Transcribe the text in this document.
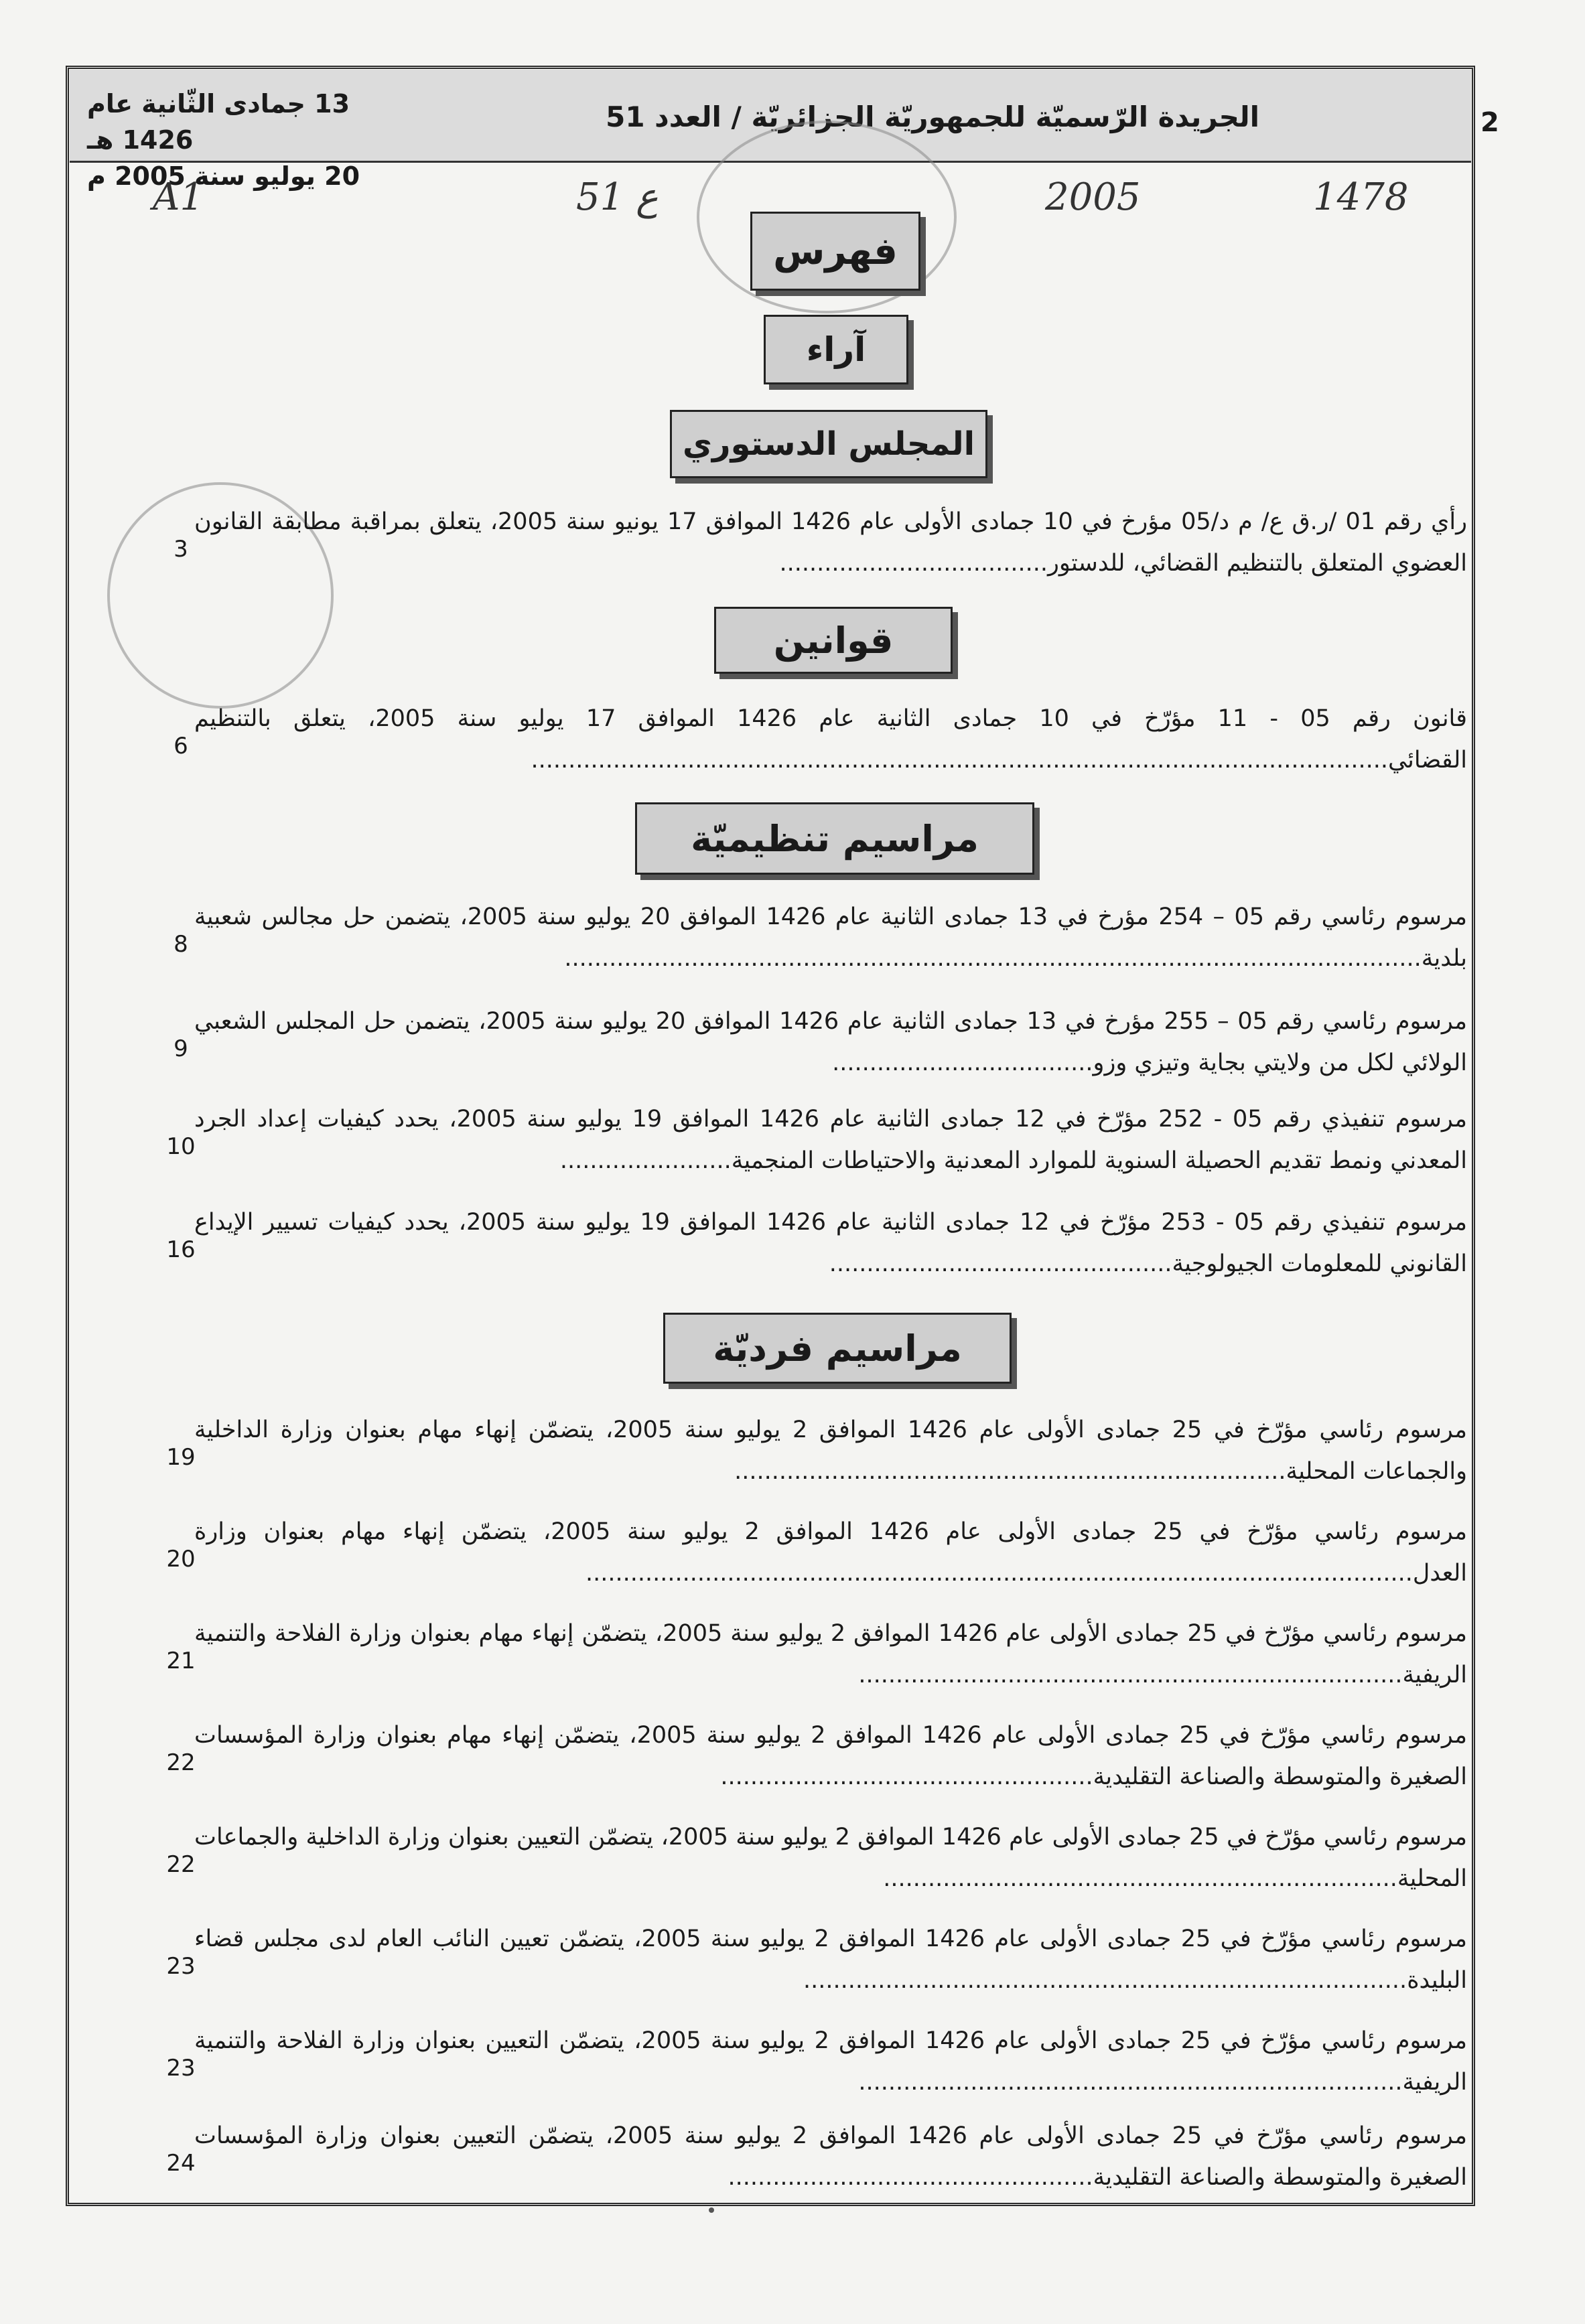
2
الجريدة الرّسميّة للجمهوريّة الجزائريّة / العدد 51
13 جمادى الثّانية عام 1426 هـ
20 يوليو سنة 2005 م
A1	51 ع	2005	1478
فهرس
آراء
المجلس الدستوري
رأي رقم 01 /ر.ق ع/ م د/05 مؤرخ في 10 جمادى الأولى عام 1426 الموافق 17 يونيو سنة 2005، يتعلق بمراقبة مطابقة القانون العضوي المتعلق بالتنظيم القضائي، للدستور....................................
3
قوانين
قانون رقم 05 - 11 مؤرّخ في 10 جمادى الثانية عام 1426 الموافق 17 يوليو سنة 2005، يتعلق بالتنظيم القضائي...................................................................................................................
6
مراسيم تنظيميّة
مرسوم رئاسي رقم 05 – 254 مؤرخ في 13 جمادى الثانية عام 1426 الموافق 20 يوليو سنة 2005، يتضمن حل مجالس شعبية بلدية...................................................................................................................
8
مرسوم رئاسي رقم 05 – 255 مؤرخ في 13 جمادى الثانية عام 1426 الموافق 20 يوليو سنة 2005، يتضمن حل المجلس الشعبي الولائي لكل من ولايتي بجاية وتيزي وزو...................................
9
مرسوم تنفيذي رقم 05 - 252 مؤرّخ في 12 جمادى الثانية عام 1426 الموافق 19 يوليو سنة 2005، يحدد كيفيات إعداد الجرد المعدني ونمط تقديم الحصيلة السنوية للموارد المعدنية والاحتياطات المنجمية.......................
10
مرسوم تنفيذي رقم 05 - 253 مؤرّخ في 12 جمادى الثانية عام 1426 الموافق 19 يوليو سنة 2005، يحدد كيفيات تسيير الإيداع القانوني للمعلومات الجيولوجية..............................................
16
مراسيم فرديّة
مرسوم رئاسي مؤرّخ في 25 جمادى الأولى عام 1426 الموافق 2 يوليو سنة 2005، يتضمّن إنهاء مهام بعنوان وزارة الداخلية والجماعات المحلية..........................................................................
19
مرسوم رئاسي مؤرّخ في 25 جمادى الأولى عام 1426 الموافق 2 يوليو سنة 2005، يتضمّن إنهاء مهام بعنوان وزارة العدل...............................................................................................................
20
مرسوم رئاسي مؤرّخ في 25 جمادى الأولى عام 1426 الموافق 2 يوليو سنة 2005، يتضمّن إنهاء مهام بعنوان وزارة الفلاحة والتنمية الريفية.........................................................................
21
مرسوم رئاسي مؤرّخ في 25 جمادى الأولى عام 1426 الموافق 2 يوليو سنة 2005، يتضمّن إنهاء مهام بعنوان وزارة المؤسسات الصغيرة والمتوسطة والصناعة التقليدية..................................................
22
مرسوم رئاسي مؤرّخ في 25 جمادى الأولى عام 1426 الموافق 2 يوليو سنة 2005، يتضمّن التعيين بعنوان وزارة الداخلية والجماعات المحلية.....................................................................
22
مرسوم رئاسي مؤرّخ في 25 جمادى الأولى عام 1426 الموافق 2 يوليو سنة 2005، يتضمّن تعيين النائب العام لدى مجلس قضاء البليدة.................................................................................
23
مرسوم رئاسي مؤرّخ في 25 جمادى الأولى عام 1426 الموافق 2 يوليو سنة 2005، يتضمّن التعيين بعنوان وزارة الفلاحة والتنمية الريفية.........................................................................
23
مرسوم رئاسي مؤرّخ في 25 جمادى الأولى عام 1426 الموافق 2 يوليو سنة 2005، يتضمّن التعيين بعنوان وزارة المؤسسات الصغيرة والمتوسطة والصناعة التقليدية.................................................
24
